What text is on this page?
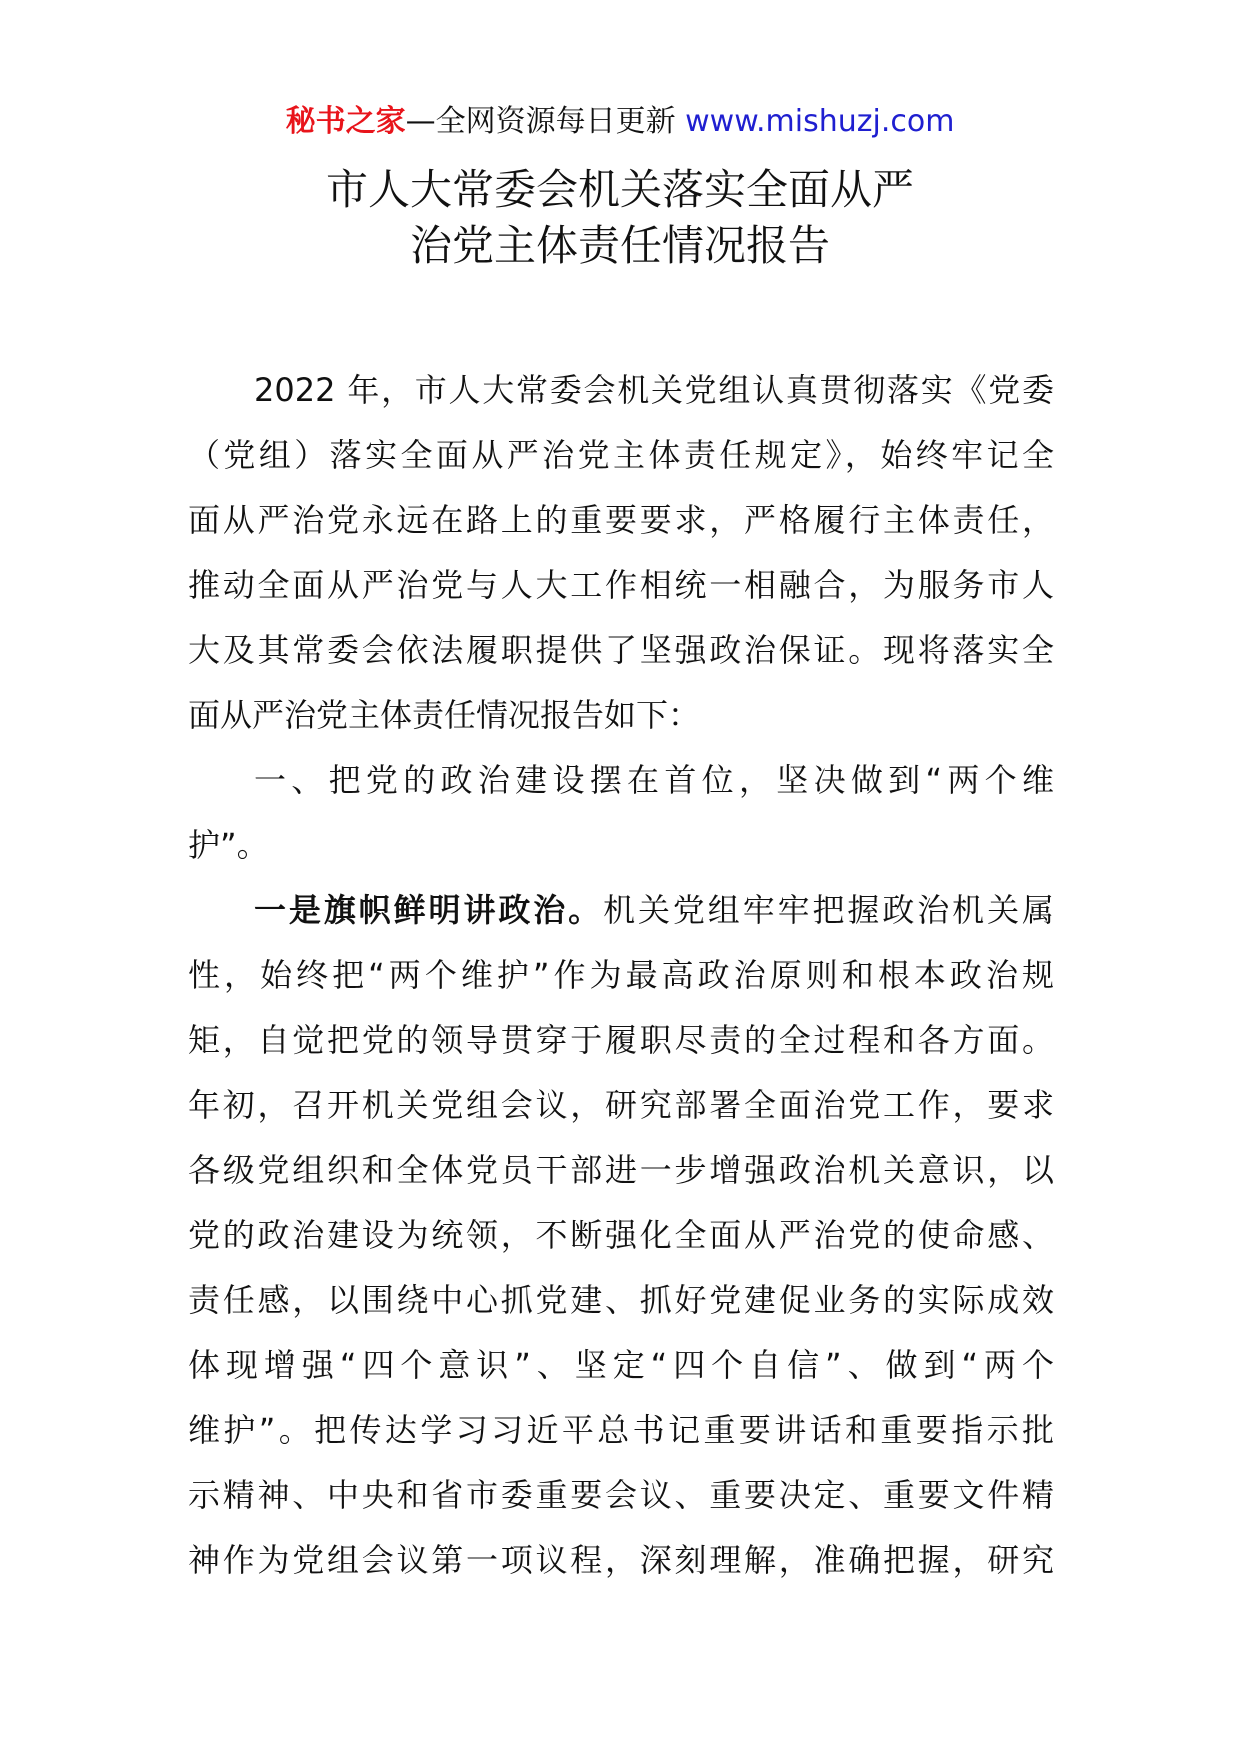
秘书之家—全网资源每日更新 www.mishuzj.com
市人大常委会机关落实全面从严
治党主体责任情况报告
2022 年，市人大常委会机关党组认真贯彻落实《党委
（党组）落实全面从严治党主体责任规定》，始终牢记全
面从严治党永远在路上的重要要求，严格履行主体责任，
推动全面从严治党与人大工作相统一相融合，为服务市人
大及其常委会依法履职提供了坚强政治保证。现将落实全
面从严治党主体责任情况报告如下：
一、把党的政治建设摆在首位，坚决做到“两个维
护”。
一是旗帜鲜明讲政治。机关党组牢牢把握政治机关属
性，始终把“两个维护”作为最高政治原则和根本政治规
矩，自觉把党的领导贯穿于履职尽责的全过程和各方面。
年初，召开机关党组会议，研究部署全面治党工作，要求
各级党组织和全体党员干部进一步增强政治机关意识，以
党的政治建设为统领，不断强化全面从严治党的使命感、
责任感，以围绕中心抓党建、抓好党建促业务的实际成效
体现增强“四个意识”、坚定“四个自信”、做到“两个
维护”。把传达学习习近平总书记重要讲话和重要指示批
示精神、中央和省市委重要会议、重要决定、重要文件精
神作为党组会议第一项议程，深刻理解，准确把握，研究
